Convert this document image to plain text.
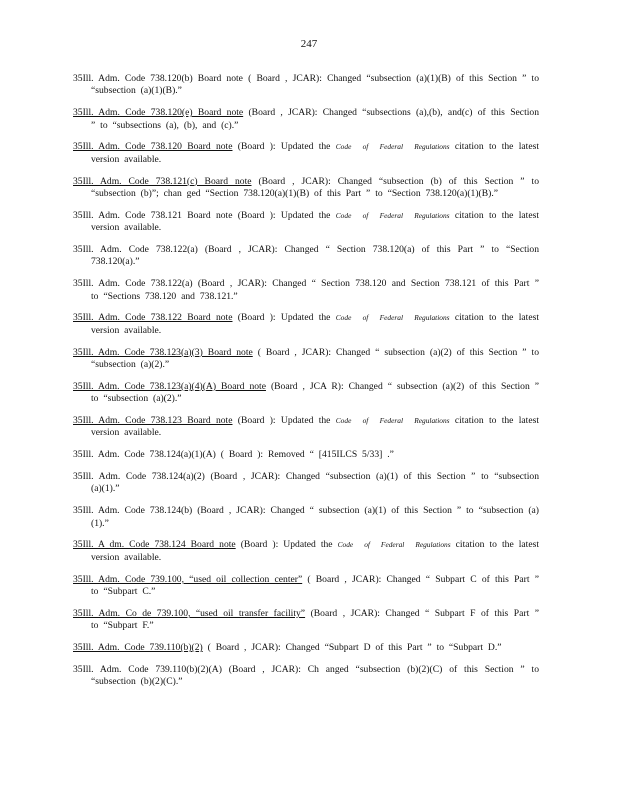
247

35Ill. Adm. Code 738.120(b) Board note ( Board , JCAR): Changed “subsection (a)(1)(B) of this Section ” to “subsection (a)(1)(B).”

35Ill. Adm. Code 738.120(e) Board note (Board , JCAR): Changed “subsections (a),(b), and(c) of this Section ” to “subsections (a), (b), and (c).”

35Ill. Adm. Code 738.120 Board note (Board ): Updated the Code of Federal Regulations citation to the latest version available.

35Ill. Adm. Code 738.121(c) Board note (Board , JCAR): Changed “subsection (b) of this Section ” to “subsection (b)”; chan ged “Section 738.120(a)(1)(B) of this Part ” to “Section 738.120(a)(1)(B).”

35Ill. Adm. Code 738.121 Board note (Board ): Updated the Code of Federal Regulations citation to the latest version available.

35Ill. Adm. Code 738.122(a) (Board , JCAR): Changed “ Section 738.120(a) of this Part ” to “Section 738.120(a).”

35Ill. Adm. Code 738.122(a) (Board , JCAR): Changed “ Section 738.120 and Section 738.121 of this Part ” to “Sections 738.120 and 738.121.”

35Ill. Adm. Code 738.122 Board note (Board ): Updated the Code of Federal Regulations citation to the latest version available.

35Ill. Adm. Code 738.123(a)(3) Board note ( Board , JCAR): Changed “ subsection (a)(2) of this Section ” to “subsection (a)(2).”

35Ill. Adm. Code 738.123(a)(4)(A) Board note (Board , JCA R): Changed “ subsection (a)(2) of this Section ” to “subsection (a)(2).”

35Ill. Adm. Code 738.123 Board note (Board ): Updated the Code of Federal Regulations citation to the latest version available.

35Ill. Adm. Code 738.124(a)(1)(A) ( Board ): Removed “ [415ILCS 5/33] .”

35Ill. Adm. Code 738.124(a)(2) (Board , JCAR): Changed “subsection (a)(1) of this Section ” to “subsection (a)(1).”

35Ill. Adm. Code 738.124(b) (Board , JCAR): Changed “ subsection (a)(1) of this Section ” to “subsection (a)(1).”

35Ill. A dm. Code 738.124 Board note (Board ): Updated the Code of Federal Regulations citation to the latest version available.

35Ill. Adm. Code 739.100, “used oil collection center” ( Board , JCAR): Changed “ Subpart C of this Part ” to “Subpart C.”

35Ill. Adm. Co de 739.100, “used oil transfer facility” (Board , JCAR): Changed “ Subpart F of this Part ” to “Subpart F.”

35Ill. Adm. Code 739.110(b)(2) ( Board , JCAR): Changed “Subpart D of this Part ” to “Subpart D.”

35Ill. Adm. Code 739.110(b)(2)(A) (Board , JCAR): Ch anged “subsection (b)(2)(C) of this Section ” to “subsection (b)(2)(C).”
